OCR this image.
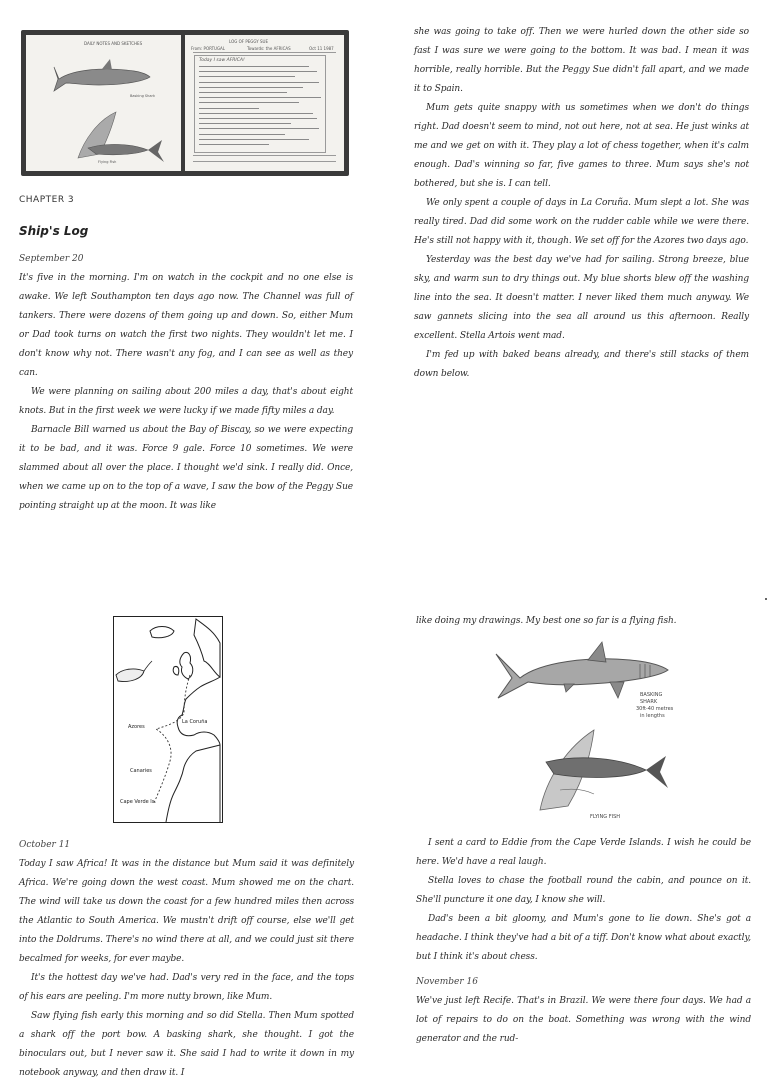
DAILY NOTES AND SKETCHES
Basking Shark
Flying Fish
LOG OF PEGGY SUE
From: PORTUGAL	Towards: the AFRICAS	Oct 11 1987
Today I saw AFRICA!
CHAPTER 3
Ship's Log
September 20

It's five in the morning. I'm on watch in the cockpit and no one else is awake. We left Southampton ten days ago now. The Channel was full of tankers. There were dozens of them going up and down. So, either Mum or Dad took turns on watch the first two nights. They wouldn't let me. I don't know why not. There wasn't any fog, and I can see as well as they can.

We were planning on sailing about 200 miles a day, that's about eight knots. But in the first week we were lucky if we made fifty miles a day.

Barnacle Bill warned us about the Bay of Biscay, so we were expecting it to be bad, and it was. Force 9 gale. Force 10 sometimes. We were slammed about all over the place. I thought we'd sink. I really did. Once, when we came up on to the top of a wave, I saw the bow of the Peggy Sue pointing straight up at the moon. It was like

she was going to take off. Then we were hurled down the other side so fast I was sure we were going to the bottom. It was bad. I mean it was horrible, really horrible. But the Peggy Sue didn't fall apart, and we made it to Spain.

Mum gets quite snappy with us sometimes when we don't do things right. Dad doesn't seem to mind, not out here, not at sea. He just winks at me and we get on with it. They play a lot of chess together, when it's calm enough. Dad's winning so far, five games to three. Mum says she's not bothered, but she is. I can tell.

We only spent a couple of days in La Coruña. Mum slept a lot. She was really tired. Dad did some work on the rudder cable while we were there. He's still not happy with it, though. We set off for the Azores two days ago.

Yesterday was the best day we've had for sailing. Strong breeze, blue sky, and warm sun to dry things out. My blue shorts blew off the washing line into the sea. It doesn't matter. I never liked them much anyway. We saw gannets slicing into the sea all around us this afternoon. Really excellent. Stella Artois went mad.

I'm fed up with baked beans already, and there's still stacks of them down below.

Azores
La Coruña
Canaries
Cape Verde Is.
October 11

Today I saw Africa! It was in the distance but Mum said it was definitely Africa. We're going down the west coast. Mum showed me on the chart. The wind will take us down the coast for a few hundred miles then across the Atlantic to South America. We mustn't drift off course, else we'll get into the Doldrums. There's no wind there at all, and we could just sit there becalmed for weeks, for ever maybe.

It's the hottest day we've had. Dad's very red in the face, and the tops of his ears are peeling. I'm more nutty brown, like Mum.

Saw flying fish early this morning and so did Stella. Then Mum spotted a shark off the port bow. A basking shark, she thought. I got the binoculars out, but I never saw it. She said I had to write it down in my notebook anyway, and then draw it. I

like doing my drawings. My best one so far is a flying fish.

BASKING SHARK 30ft-40 metres in lengths
FLYING FISH

I sent a card to Eddie from the Cape Verde Islands. I wish he could be here. We'd have a real laugh.

Stella loves to chase the football round the cabin, and pounce on it. She'll puncture it one day, I know she will.

Dad's been a bit gloomy, and Mum's gone to lie down. She's got a headache. I think they've had a bit of a tiff. Don't know what about exactly, but I think it's about chess.

November 16

We've just left Recife. That's in Brazil. We were there four days. We had a lot of repairs to do on the boat. Something was wrong with the wind generator and the rud-
